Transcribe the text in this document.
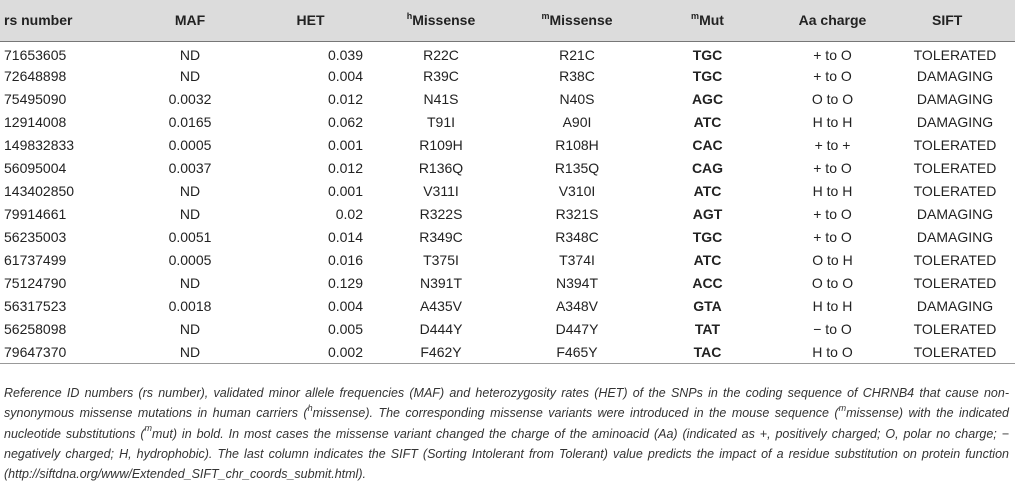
rs number	MAF	HET	$^h$Missense	$^m$Missense	$^m$Mut	Aa charge	SIFT
71653605	ND	0.039	R22C	R21C	TGC	+ to O	TOLERATED
72648898	ND	0.004	R39C	R38C	TGC	+ to O	DAMAGING
75495090	0.0032	0.012	N41S	N40S	AGC	O to O	DAMAGING
12914008	0.0165	0.062	T91I	A90I	ATC	H to H	DAMAGING
149832833	0.0005	0.001	R109H	R108H	CAC	+ to +	TOLERATED
56095004	0.0037	0.012	R136Q	R135Q	CAG	+ to O	TOLERATED
143402850	ND	0.001	V311I	V310I	ATC	H to H	TOLERATED
79914661	ND	0.02	R322S	R321S	AGT	+ to O	DAMAGING
56235003	0.0051	0.014	R349C	R348C	TGC	+ to O	DAMAGING
61737499	0.0005	0.016	T375I	T374I	ATC	O to H	TOLERATED
75124790	ND	0.129	N391T	N394T	ACC	O to O	TOLERATED
56317523	0.0018	0.004	A435V	A348V	GTA	H to H	DAMAGING
56258098	ND	0.005	D444Y	D447Y	TAT	− to O	TOLERATED
79647370	ND	0.002	F462Y	F465Y	TAC	H to O	TOLERATED
Reference ID numbers (rs number), validated minor allele frequencies (MAF) and heterozygosity rates (HET) of the SNPs in the coding sequence of CHRNB4 that cause non-synonymous missense mutations in human carriers ($^h$missense). The corresponding missense variants were introduced in the mouse sequence ($^m$missense) with the indicated nucleotide substitutions ($^m$mut) in bold. In most cases the missense variant changed the charge of the aminoacid (Aa) (indicated as +, positively charged; O, polar no charge; − negatively charged; H, hydrophobic). The last column indicates the SIFT (Sorting Intolerant from Tolerant) value predicts the impact of a residue substitution on protein function (http://siftdna.org/www/Extended_SIFT_chr_coords_submit.html).
